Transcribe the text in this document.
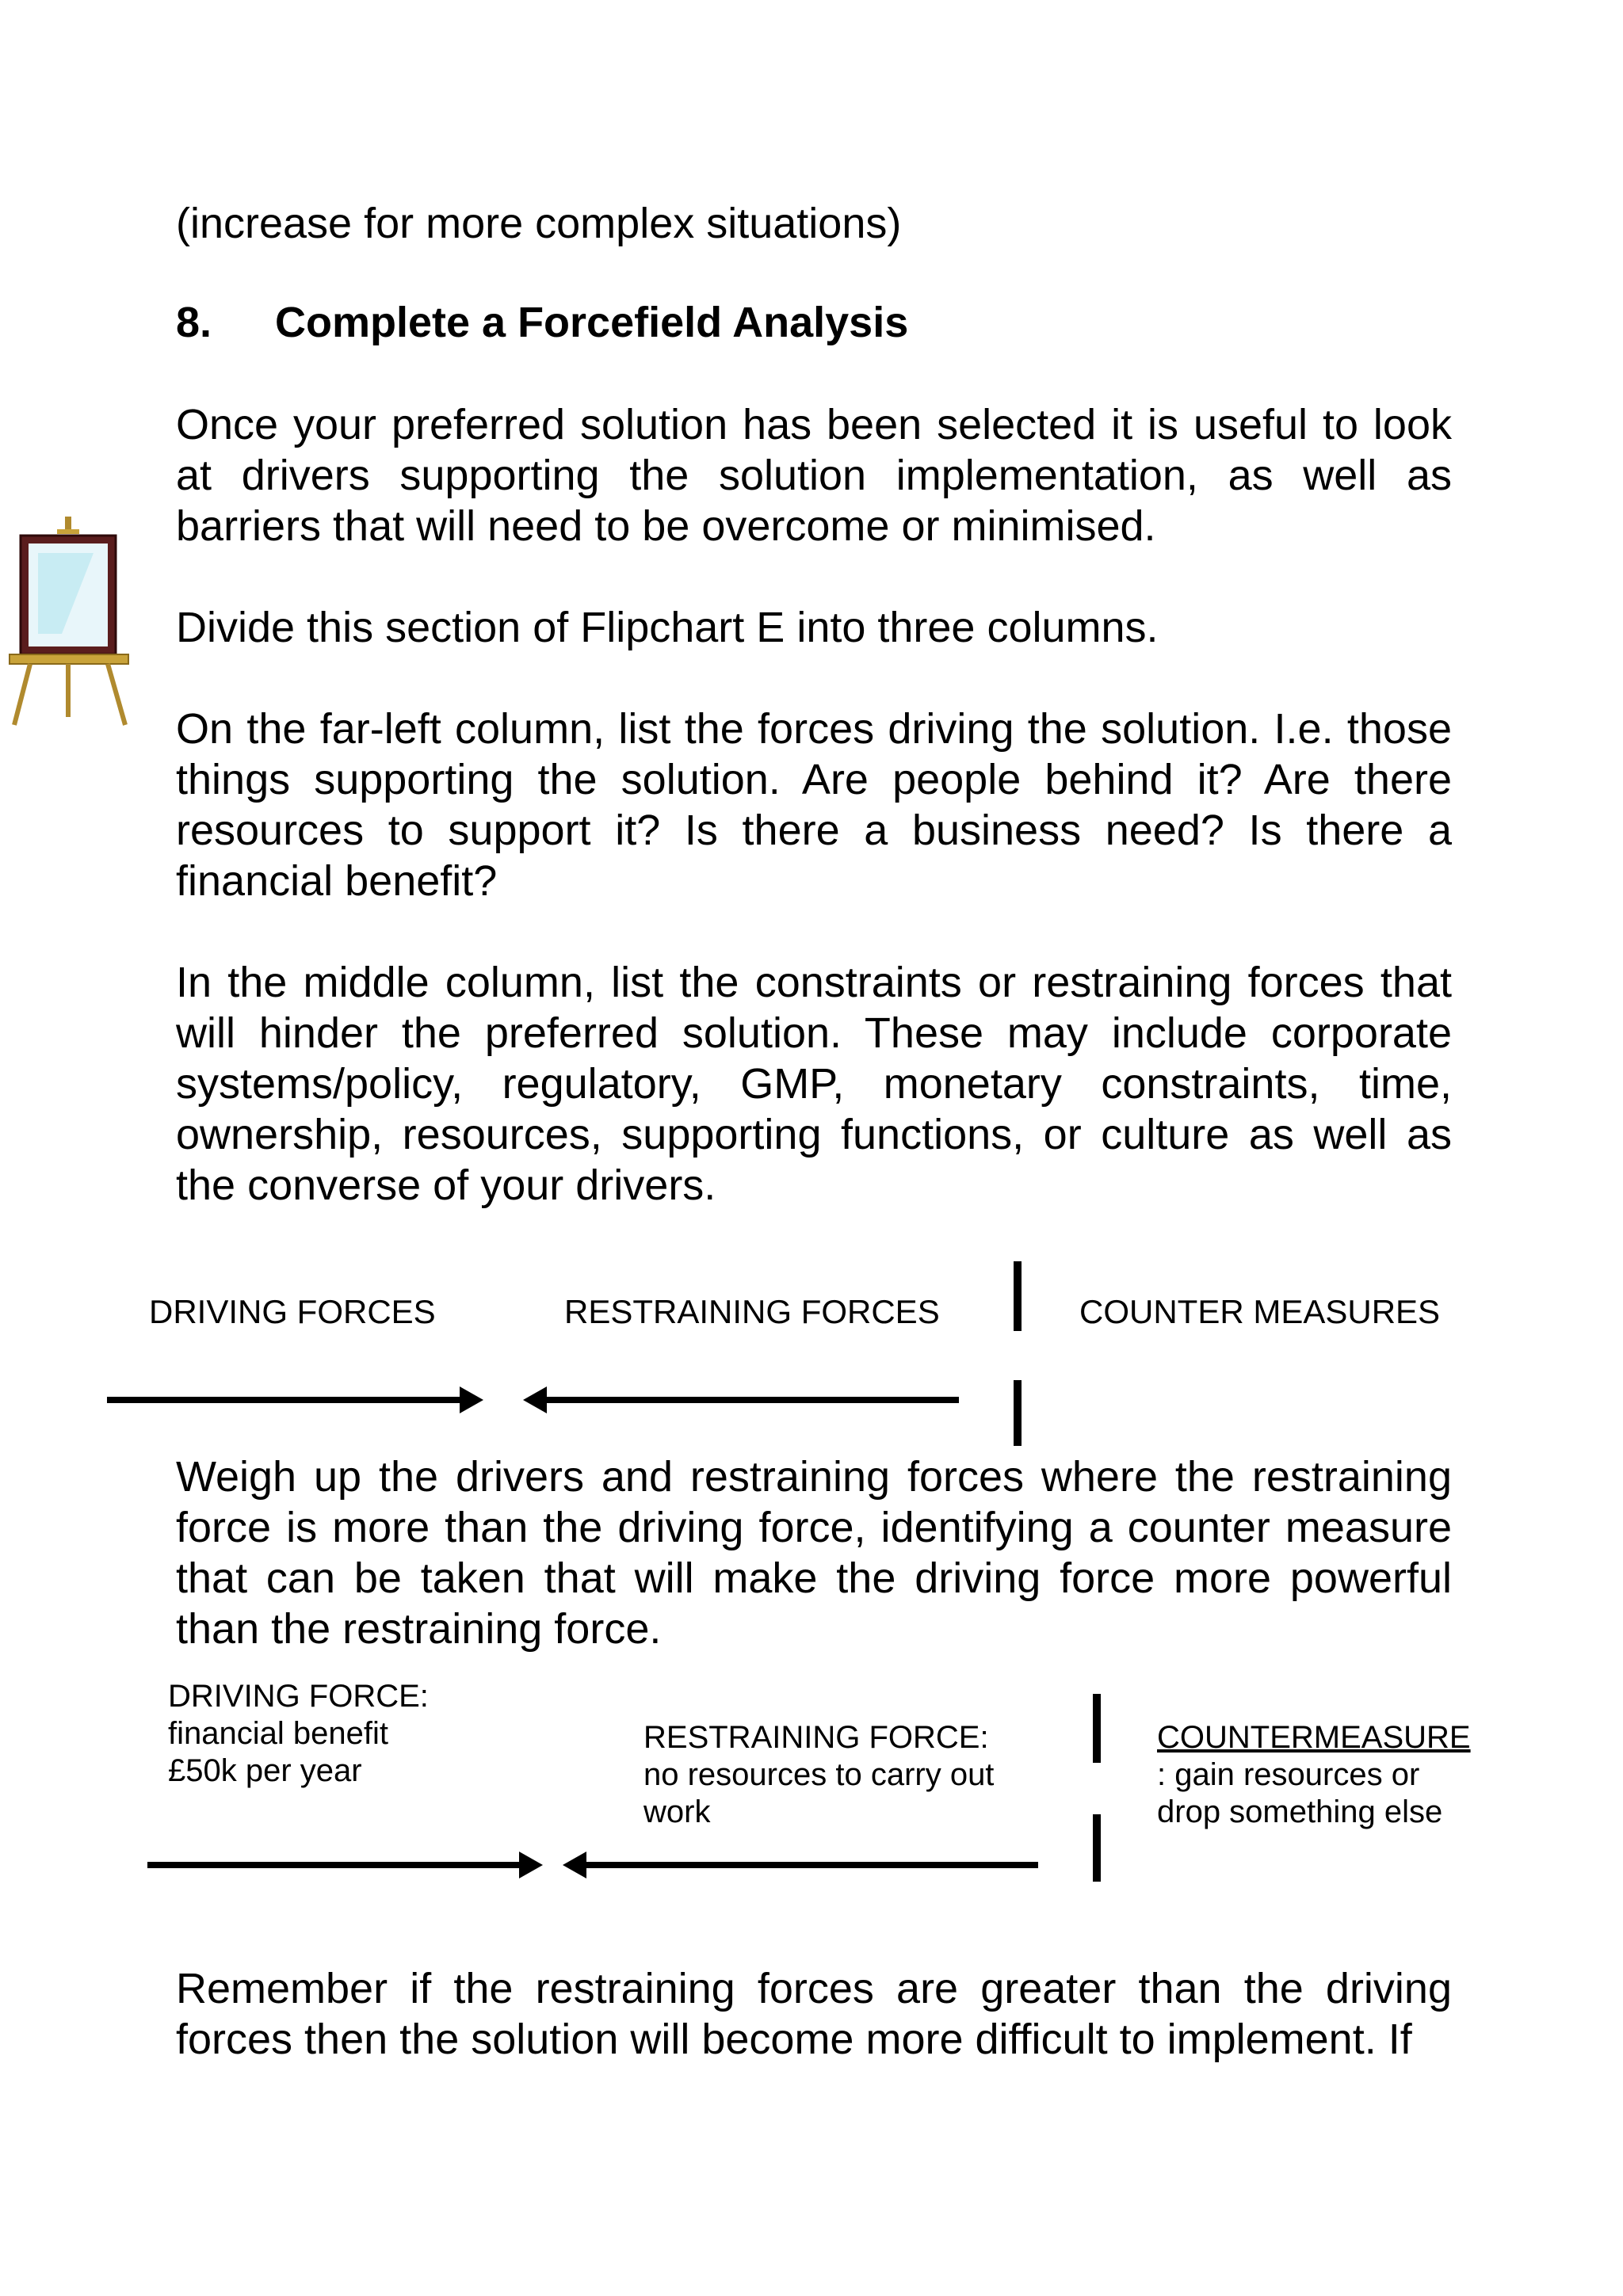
(increase for more complex situations)

8. Complete a Forcefield Analysis

Once your preferred solution has been selected it is useful to look at drivers supporting the solution implementation, as well as barriers that will need to be overcome or minimised.

Divide this section of Flipchart E into three columns.

On the far-left column, list the forces driving the solution. I.e. those things supporting the solution. Are people behind it? Are there resources to support it? Is there a business need? Is there a financial benefit?

In the middle column, list the constraints or restraining forces that will hinder the preferred solution. These may include corporate systems/policy, regulatory, GMP, monetary constraints, time, ownership, resources, supporting functions, or culture as well as the converse of your drivers.

DRIVING FORCES	RESTRAINING FORCES	COUNTER MEASURES

Weigh up the drivers and restraining forces where the restraining force is more than the driving force, identifying a counter measure that can be taken that will make the driving force more powerful than the restraining force.

DRIVING FORCE:
financial benefit
£50k per year
RESTRAINING FORCE:
no resources to carry out
work
COUNTERMEASURE
: gain resources or
drop something else

Remember if the restraining forces are greater than the driving forces then the solution will become more difficult to implement. If
